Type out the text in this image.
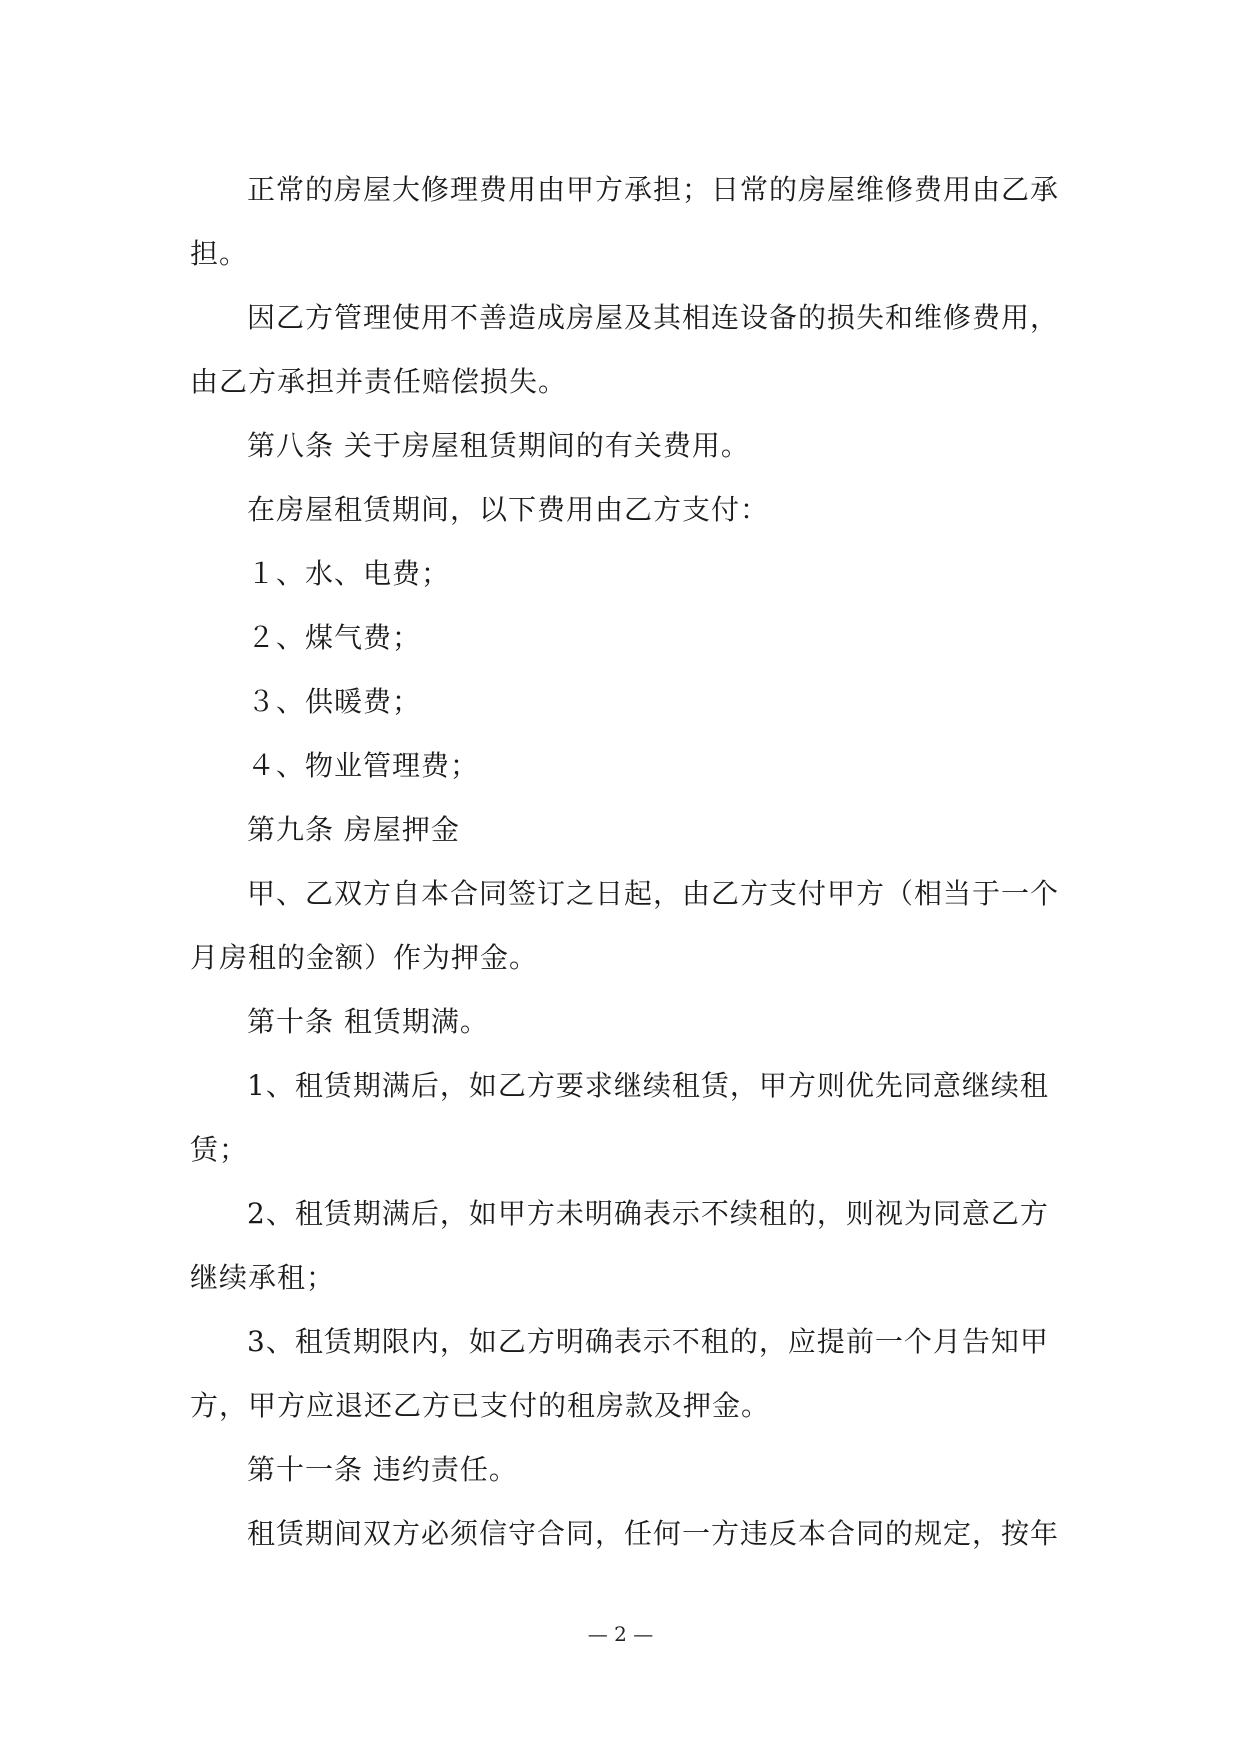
正常的房屋大修理费用由甲方承担；日常的房屋维修费用由乙承担。

因乙方管理使用不善造成房屋及其相连设备的损失和维修费用，由乙方承担并责任赔偿损失。

第八条 关于房屋租赁期间的有关费用。

在房屋租赁期间，以下费用由乙方支付：

１、水、电费；

２、煤气费；

３、供暖费；

４、物业管理费；

第九条 房屋押金

甲、乙双方自本合同签订之日起，由乙方支付甲方（相当于一个月房租的金额）作为押金。

第十条 租赁期满。

1、租赁期满后，如乙方要求继续租赁，甲方则优先同意继续租赁；

2、租赁期满后，如甲方未明确表示不续租的，则视为同意乙方继续承租；

3、租赁期限内，如乙方明确表示不租的，应提前一个月告知甲方，甲方应退还乙方已支付的租房款及押金。

第十一条 违约责任。

租赁期间双方必须信守合同，任何一方违反本合同的规定，按年

— 2 —
